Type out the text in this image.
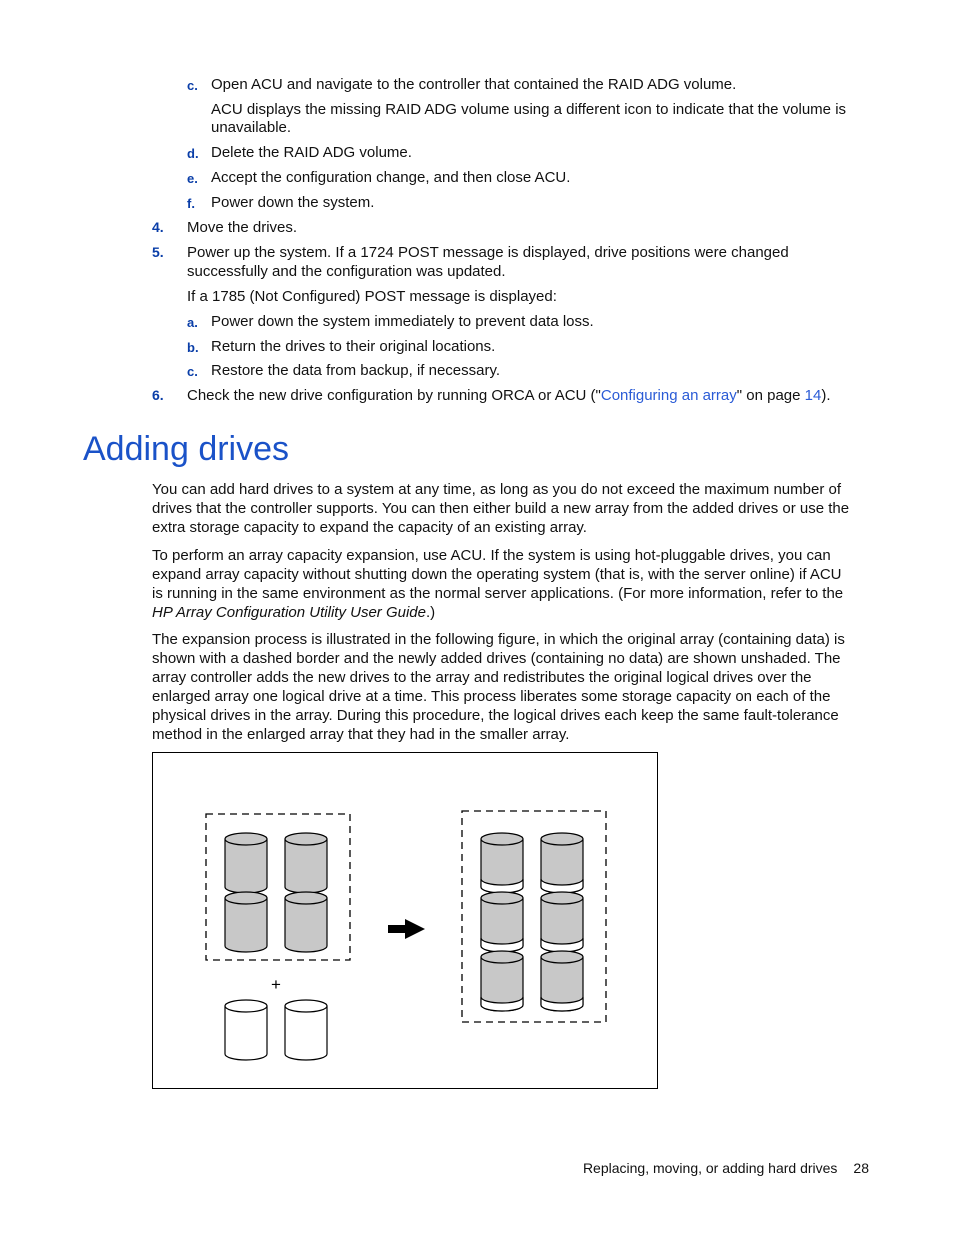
c. Open ACU and navigate to the controller that contained the RAID ADG volume.
ACU displays the missing RAID ADG volume using a different icon to indicate that the volume is
unavailable.
d. Delete the RAID ADG volume.
e. Accept the configuration change, and then close ACU.
f. Power down the system.
4. Move the drives.
5. Power up the system. If a 1724 POST message is displayed, drive positions were changed
successfully and the configuration was updated.
If a 1785 (Not Configured) POST message is displayed:
a. Power down the system immediately to prevent data loss.
b. Return the drives to their original locations.
c. Restore the data from backup, if necessary.
6. Check the new drive configuration by running ORCA or ACU ("Configuring an array" on page 14).
Adding drives
You can add hard drives to a system at any time, as long as you do not exceed the maximum number of
drives that the controller supports. You can then either build a new array from the added drives or use the
extra storage capacity to expand the capacity of an existing array.
To perform an array capacity expansion, use ACU. If the system is using hot-pluggable drives, you can
expand array capacity without shutting down the operating system (that is, with the server online) if ACU
is running in the same environment as the normal server applications. (For more information, refer to the
HP Array Configuration Utility User Guide.)
The expansion process is illustrated in the following figure, in which the original array (containing data) is
shown with a dashed border and the newly added drives (containing no data) are shown unshaded. The
array controller adds the new drives to the array and redistributes the original logical drives over the
enlarged array one logical drive at a time. This process liberates some storage capacity on each of the
physical drives in the array. During this procedure, the logical drives each keep the same fault-tolerance
method in the enlarged array that they had in the smaller array.
+
Replacing, moving, or adding hard drives 28
